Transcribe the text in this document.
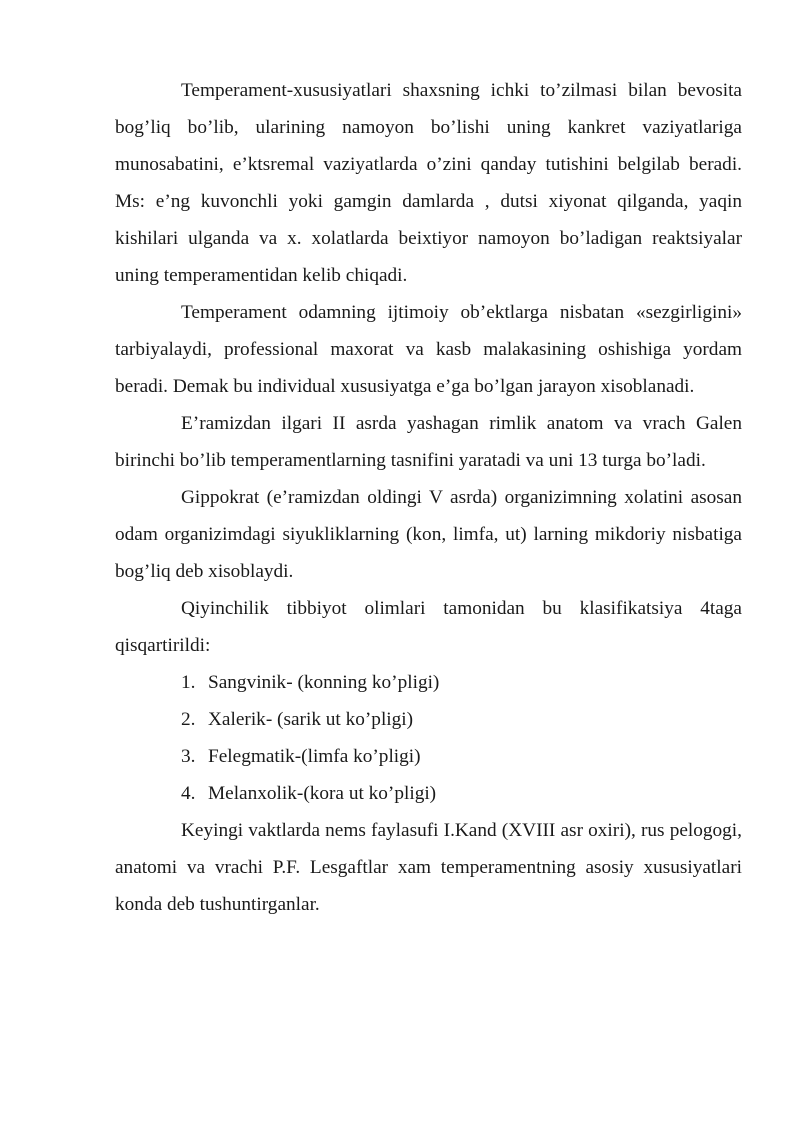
Temperament-xususiyatlari shaxsning ichki to’zilmasi bilan bevosita bog’liq bo’lib, ularining namoyon bo’lishi uning kankret vaziyatlariga munosabatini, e’ktsremal vaziyatlarda o’zini qanday tutishini belgilab beradi. Ms: e’ng kuvonchli yoki gamgin damlarda , dutsi xiyonat qilganda, yaqin kishilari ulganda va x. xolatlarda beixtiyor namoyon bo’ladigan reaktsiyalar uning temperamentidan kelib chiqadi.

Temperament odamning ijtimoiy ob’ektlarga nisbatan «sezgirligini» tarbiyalaydi, professional maxorat va kasb malakasining oshishiga yordam beradi. Demak bu individual xususiyatga e’ga bo’lgan jarayon xisoblanadi.

E’ramizdan ilgari II asrda yashagan rimlik anatom va vrach Galen birinchi bo’lib temperamentlarning tasnifini yaratadi va uni 13 turga bo’ladi.

Gippokrat (e’ramizdan oldingi V asrda) organizimning xolatini asosan odam organizimdagi siyukliklarning (kon, limfa, ut) larning mikdoriy nisbatiga bog’liq deb xisoblaydi.

Qiyinchilik tibbiyot olimlari tamonidan bu klasifikatsiya 4taga qisqartirildi:

1. Sangvinik- (konning ko’pligi)
2. Xalerik- (sarik ut ko’pligi)
3. Felegmatik-(limfa ko’pligi)
4. Melanxolik-(kora ut ko’pligi)

Keyingi vaktlarda nems faylasufi I.Kand (XVIII asr oxiri), rus pelogogi, anatomi va vrachi P.F. Lesgaftlar xam temperamentning asosiy xususiyatlari konda deb tushuntirganlar.
